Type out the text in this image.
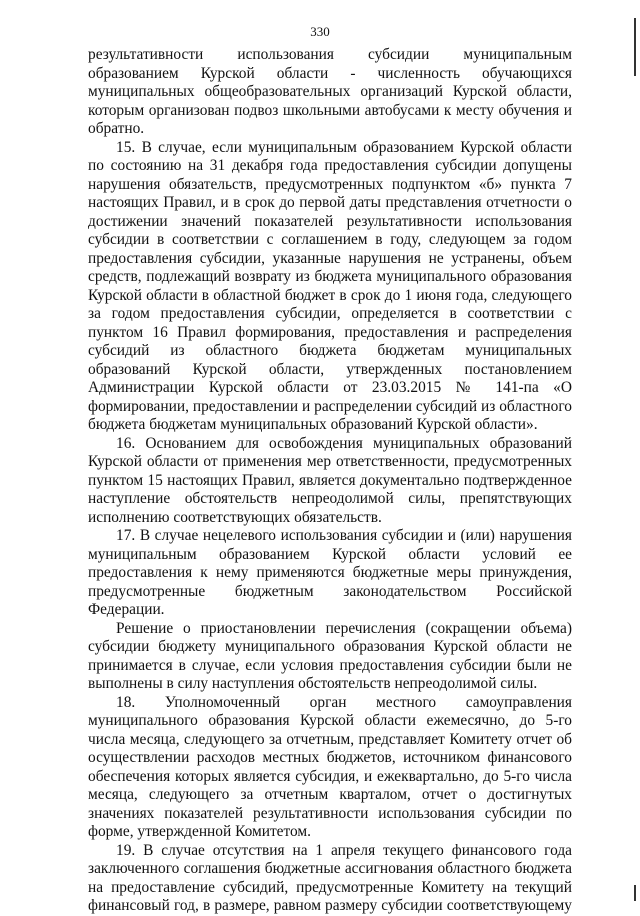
330

результативности использования субсидии муниципальным образованием Курской области - численность обучающихся муниципальных общеобразовательных организаций Курской области, которым организован подвоз школьными автобусами к месту обучения и обратно.

15. В случае, если муниципальным образованием Курской области по состоянию на 31 декабря года предоставления субсидии допущены нарушения обязательств, предусмотренных подпунктом «б» пункта 7 настоящих Правил, и в срок до первой даты представления отчетности о достижении значений показателей результативности использования субсидии в соответствии с соглашением в году, следующем за годом предоставления субсидии, указанные нарушения не устранены, объем средств, подлежащий возврату из бюджета муниципального образования Курской области в областной бюджет в срок до 1 июня года, следующего за годом предоставления субсидии, определяется в соответствии с пунктом 16 Правил формирования, предоставления и распределения субсидий из областного бюджета бюджетам муниципальных образований Курской области, утвержденных постановлением Администрации Курской области от 23.03.2015 № 141-па «О формировании, предоставлении и распределении субсидий из областного бюджета бюджетам муниципальных образований Курской области».

16. Основанием для освобождения муниципальных образований Курской области от применения мер ответственности, предусмотренных пунктом 15 настоящих Правил, является документально подтвержденное наступление обстоятельств непреодолимой силы, препятствующих исполнению соответствующих обязательств.

17. В случае нецелевого использования субсидии и (или) нарушения муниципальным образованием Курской области условий ее предоставления к нему применяются бюджетные меры принуждения, предусмотренные бюджетным законодательством Российской Федерации.

Решение о приостановлении перечисления (сокращении объема) субсидии бюджету муниципального образования Курской области не принимается в случае, если условия предоставления субсидии были не выполнены в силу наступления обстоятельств непреодолимой силы.

18. Уполномоченный орган местного самоуправления муниципального образования Курской области ежемесячно, до 5-го числа месяца, следующего за отчетным, представляет Комитету отчет об осуществлении расходов местных бюджетов, источником финансового обеспечения которых является субсидия, и ежеквартально, до 5-го числа месяца, следующего за отчетным кварталом, отчет о достигнутых значениях показателей результативности использования субсидии по форме, утвержденной Комитетом.

19. В случае отсутствия на 1 апреля текущего финансового года заключенного соглашения бюджетные ассигнования областного бюджета на предоставление субсидий, предусмотренные Комитету на текущий финансовый год, в размере, равном размеру субсидии соответствующему
